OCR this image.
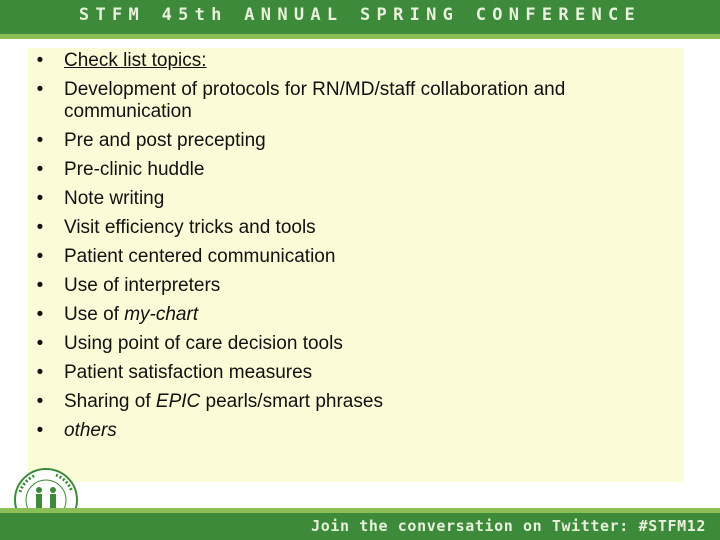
STFM 45th ANNUAL SPRING CONFERENCE
• Check list topics:
• Development of protocols for RN/MD/staff collaboration and communication
• Pre and post precepting
• Pre-clinic huddle
• Note writing
• Visit efficiency tricks and tools
• Patient centered communication
• Use of interpreters
• Use of my-chart
• Using point of care decision tools
• Patient satisfaction measures
• Sharing of EPIC pearls/smart phrases
• others
Join the conversation on Twitter: #STFM12
